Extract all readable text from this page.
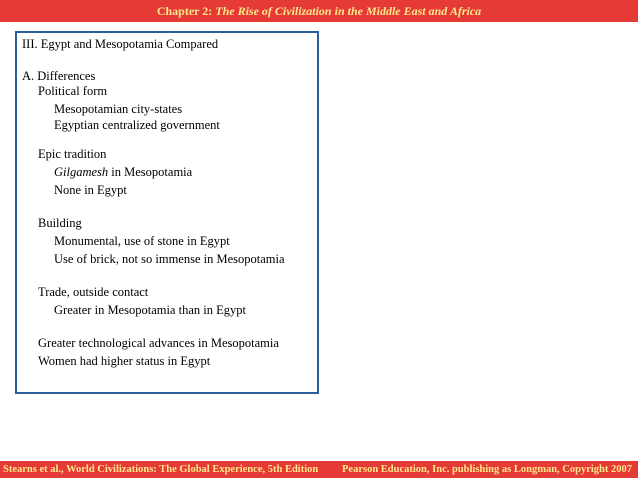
Chapter 2: The Rise of Civilization in the Middle East and Africa
III. Egypt and Mesopotamia Compared
A. Differences
Political form
Mesopotamian city-states
Egyptian centralized government
Epic tradition
Gilgamesh in Mesopotamia
None in Egypt
Building
Monumental, use of stone in Egypt
Use of brick, not so immense in Mesopotamia
Trade, outside contact
Greater in Mesopotamia than in Egypt
Greater technological advances in Mesopotamia
Women had higher status in Egypt
Stearns et al., World Civilizations: The Global Experience, 5th Edition Pearson Education, Inc. publishing as Longman, Copyright 2007
